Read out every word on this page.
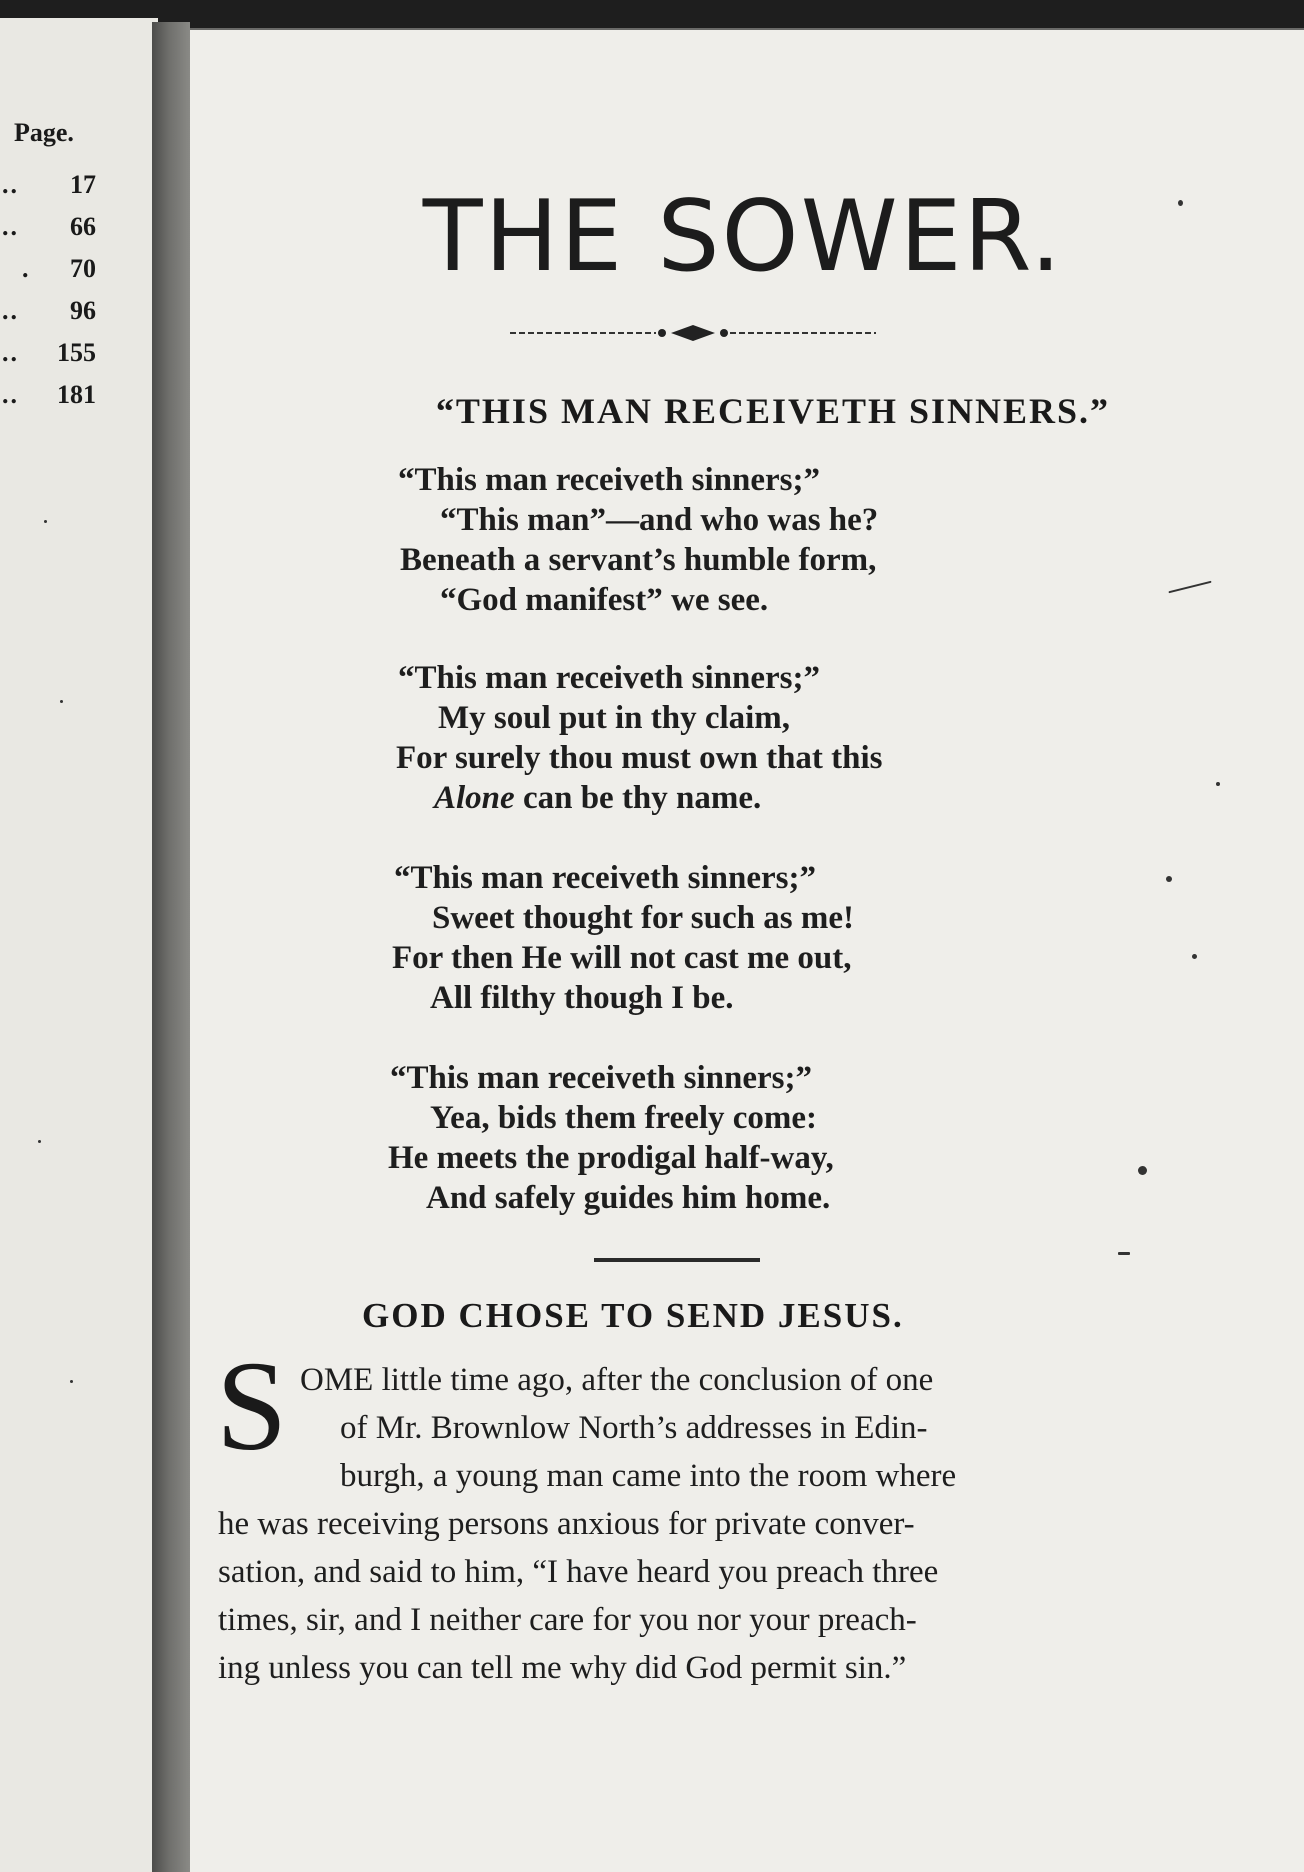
Page.
.. 17
.. 66
. 70
.. 96
.. 155
.. 181
THE SOWER.
“THIS MAN RECEIVETH SINNERS.”
“This man receiveth sinners;”
“This man”—and who was he?
Beneath a servant’s humble form,
“God manifest” we see.
“This man receiveth sinners;”
My soul put in thy claim,
For surely thou must own that this
Alone can be thy name.
“This man receiveth sinners;”
Sweet thought for such as me!
For then He will not cast me out,
All filthy though I be.
“This man receiveth sinners;”
Yea, bids them freely come:
He meets the prodigal half-way,
And safely guides him home.
GOD CHOSE TO SEND JESUS.
S OME little time ago, after the conclusion of one
of Mr. Brownlow North’s addresses in Edin-
burgh, a young man came into the room where
he was receiving persons anxious for private conver-
sation, and said to him, “I have heard you preach three
times, sir, and I neither care for you nor your preach-
ing unless you can tell me why did God permit sin.”
